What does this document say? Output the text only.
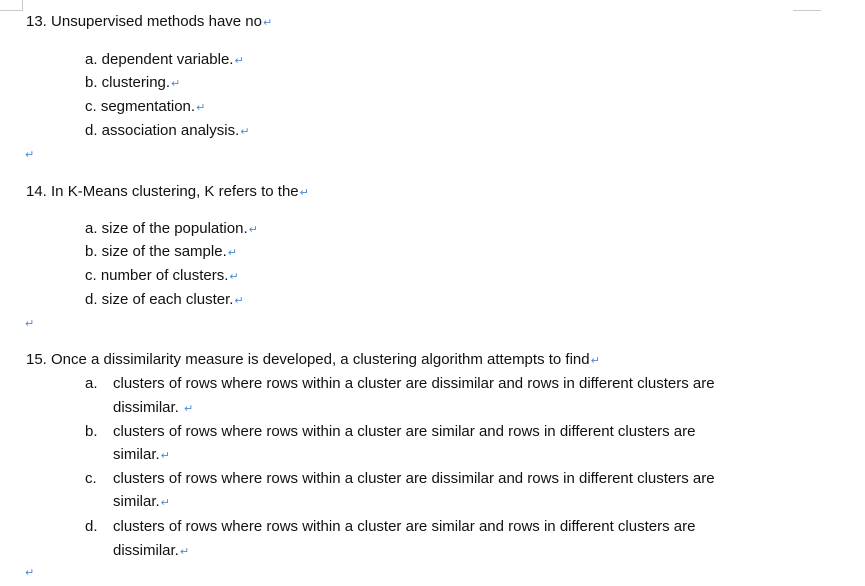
13. Unsupervised methods have no↵
a. dependent variable.↵
b. clustering.↵
c. segmentation.↵
d. association analysis.↵
↵
14. In K-Means clustering, K refers to the↵
a. size of the population.↵
b. size of the sample.↵
c. number of clusters.↵
d. size of each cluster.↵
↵
15. Once a dissimilarity measure is developed, a clustering algorithm attempts to find↵
a. clusters of rows where rows within a cluster are dissimilar and rows in different clusters are
dissimilar. ↵
b. clusters of rows where rows within a cluster are similar and rows in different clusters are
similar.↵
c. clusters of rows where rows within a cluster are dissimilar and rows in different clusters are
similar.↵
d. clusters of rows where rows within a cluster are similar and rows in different clusters are
dissimilar.↵
↵
